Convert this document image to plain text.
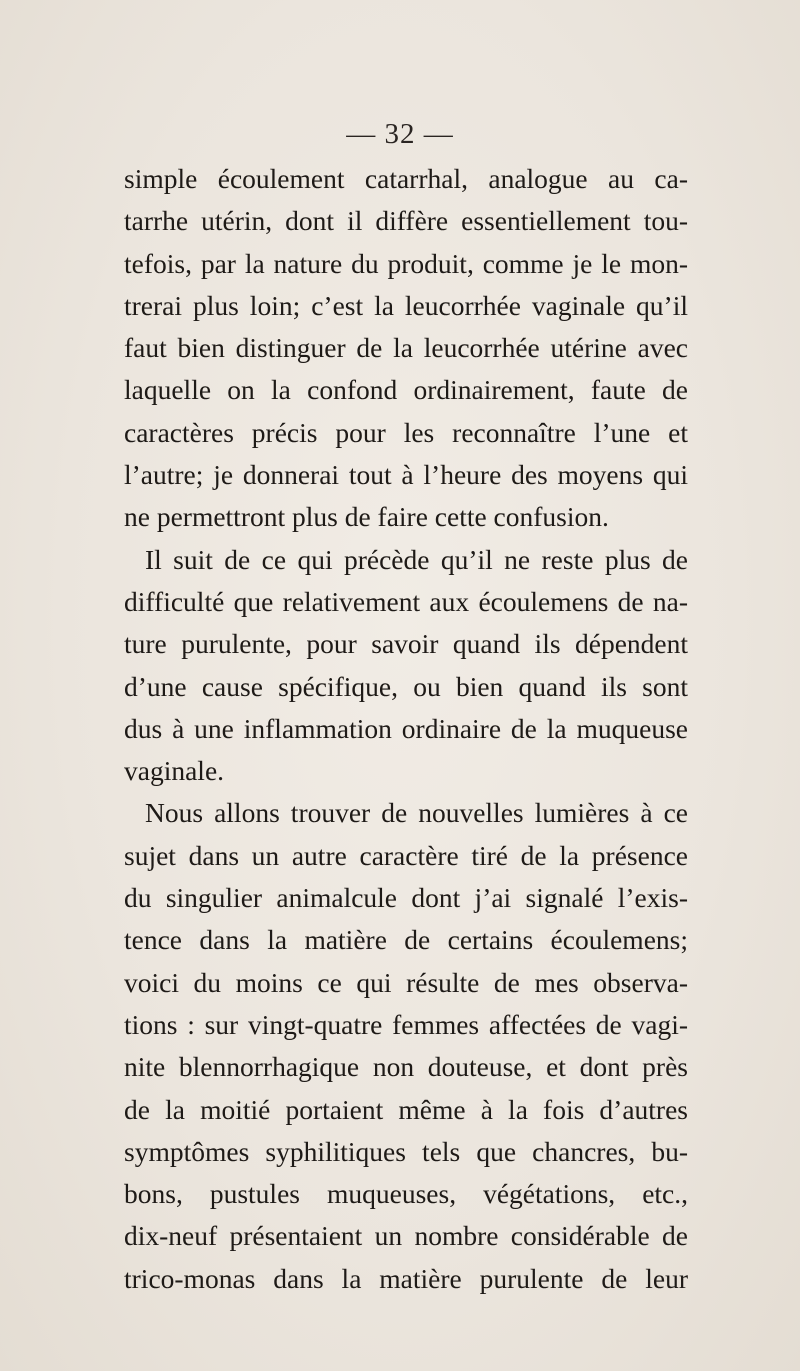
— 32 —
simple écoulement catarrhal, analogue au ca-
tarrhe utérin, dont il diffère essentiellement tou-
tefois, par la nature du produit, comme je le mon-
trerai plus loin; c’est la leucorrhée vaginale qu’il
faut bien distinguer de la leucorrhée utérine avec
laquelle on la confond ordinairement, faute de
caractères précis pour les reconnaître l’une et
l’autre; je donnerai tout à l’heure des moyens qui
ne permettront plus de faire cette confusion.
Il suit de ce qui précède qu’il ne reste plus de
difficulté que relativement aux écoulemens de na-
ture purulente, pour savoir quand ils dépendent
d’une cause spécifique, ou bien quand ils sont
dus à une inflammation ordinaire de la muqueuse
vaginale.
Nous allons trouver de nouvelles lumières à ce
sujet dans un autre caractère tiré de la présence
du singulier animalcule dont j’ai signalé l’exis-
tence dans la matière de certains écoulemens;
voici du moins ce qui résulte de mes observa-
tions : sur vingt-quatre femmes affectées de vagi-
nite blennorrhagique non douteuse, et dont près
de la moitié portaient même à la fois d’autres
symptômes syphilitiques tels que chancres, bu-
bons, pustules muqueuses, végétations, etc.,
dix-neuf présentaient un nombre considérable de
trico-monas dans la matière purulente de leur
